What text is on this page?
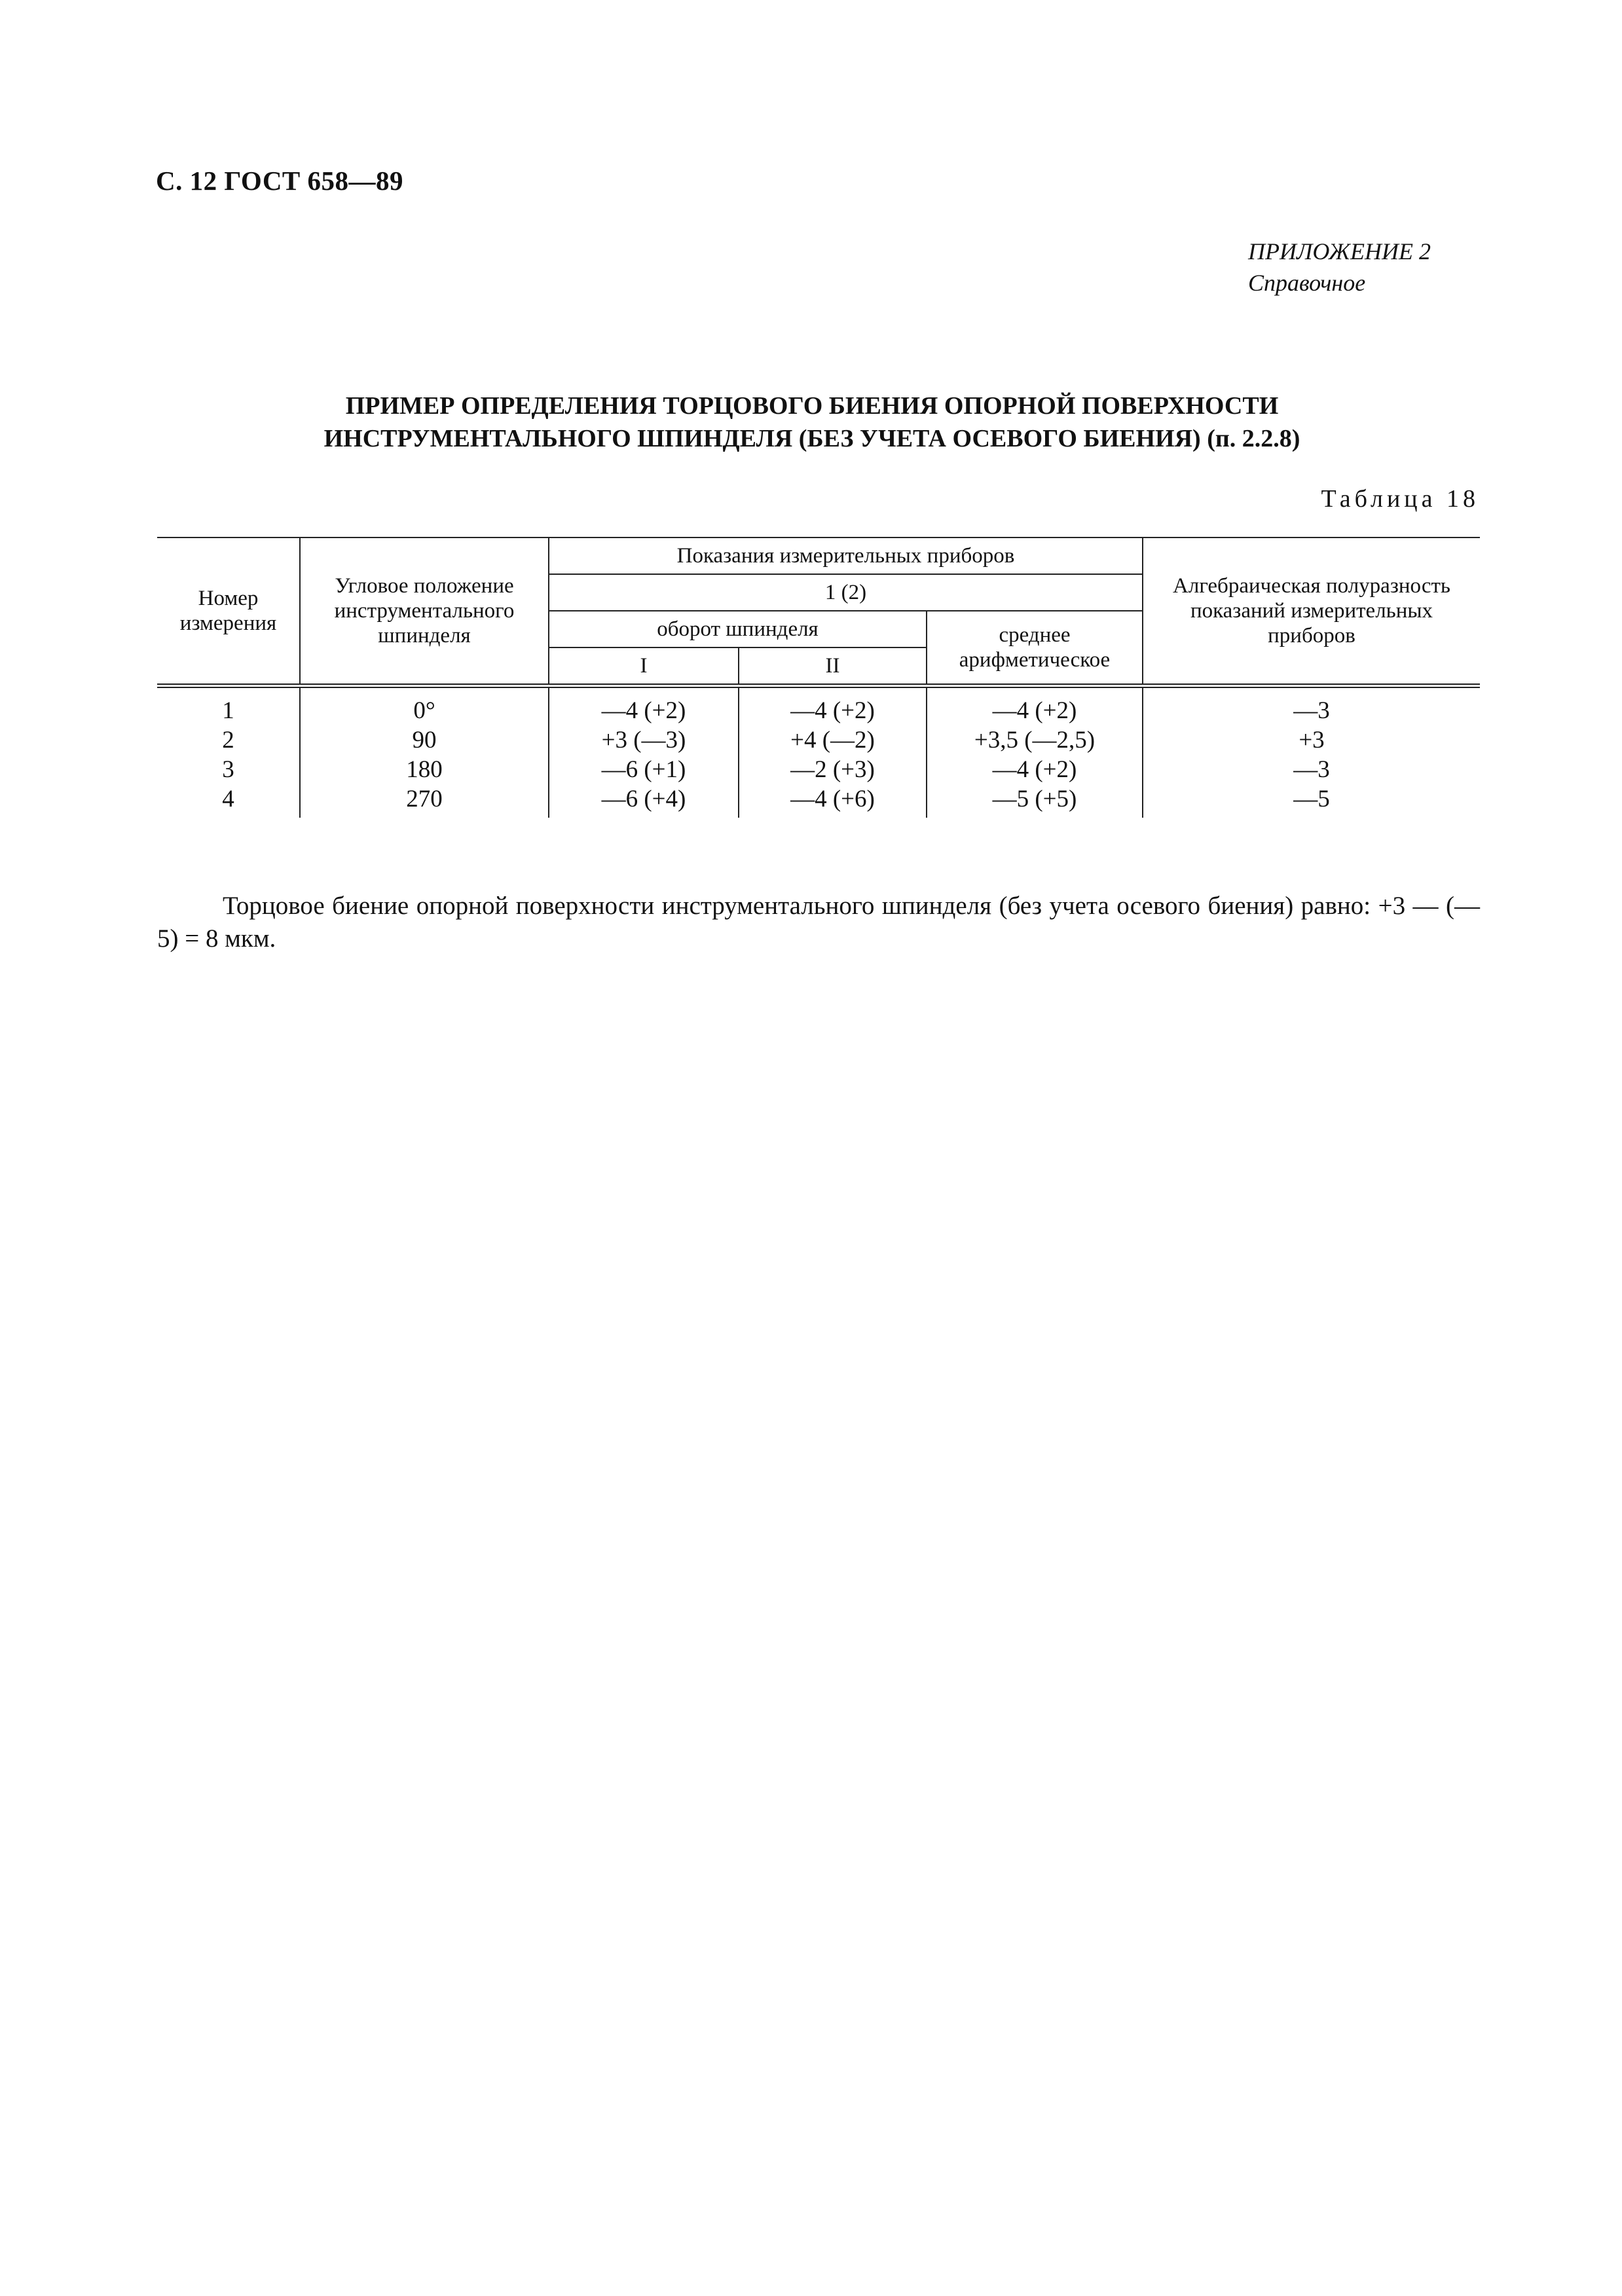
С. 12 ГОСТ 658—89
ПРИЛОЖЕНИЕ 2
Справочное
ПРИМЕР ОПРЕДЕЛЕНИЯ ТОРЦОВОГО БИЕНИЯ ОПОРНОЙ ПОВЕРХНОСТИ
ИНСТРУМЕНТАЛЬНОГО ШПИНДЕЛЯ (БЕЗ УЧЕТА ОСЕВОГО БИЕНИЯ) (п. 2.2.8)
Таблица 18
Номер измерения	Угловое положение инструментального шпинделя	Показания измерительных приборов			Алгебраическая полуразность показаний измерительных приборов
		1 (2)			
		оборот шпинделя		среднее арифметическое	
		I	II		
1	0°	—4 (+2)	—4 (+2)	—4 (+2)	—3
2	90	+3 (—3)	+4 (—2)	+3,5 (—2,5)	+3
3	180	—6 (+1)	—2 (+3)	—4 (+2)	—3
4	270	—6 (+4)	—4 (+6)	—5 (+5)	—5

Торцовое биение опорной поверхности инструментального шпинделя (без учета осевого биения) равно: +3 — (—5) = 8 мкм.
